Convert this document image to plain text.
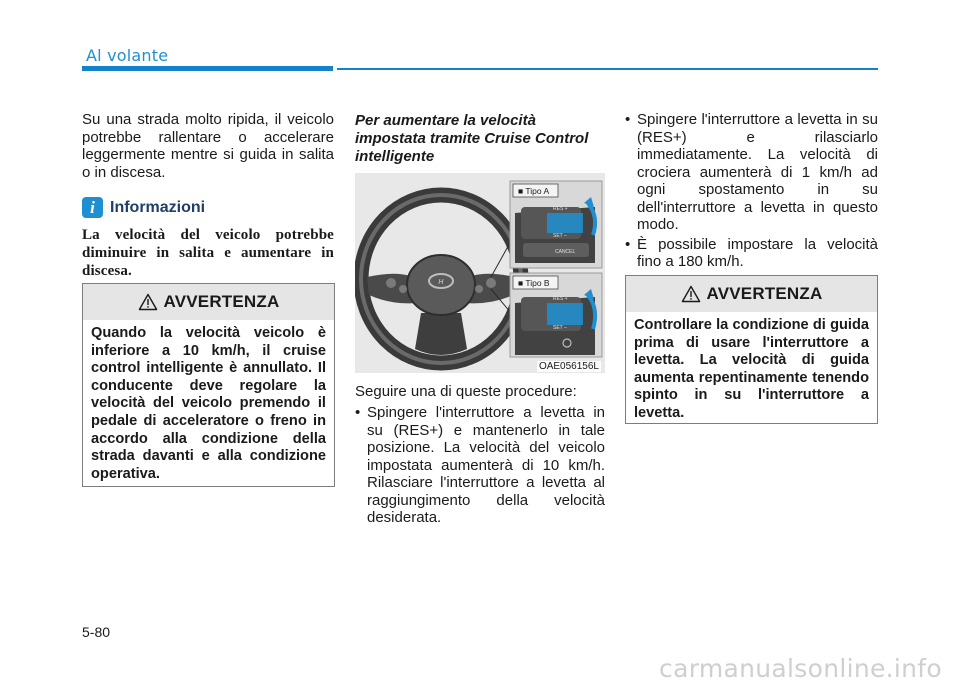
Al volante

Su una strada molto ripida, il veicolo potrebbe rallentare o accelerare leggermente mentre si guida in salita o in discesa.

i Informazioni

La velocità del veicolo potrebbe diminuire in salita e aumentare in discesa.

AVVERTENZA

Quando la velocità veicolo è inferiore a 10 km/h, il cruise control intelligente è annullato. Il conducente deve regolare la velocità del veicolo premendo il pedale di acceleratore o freno in accordo alla condizione della strada davanti e alla condizione operativa.

Per aumentare la velocità impostata tramite Cruise Control intelligente

H
■ Tipo A
■ Tipo B
RES +
SET –
CANCEL
RES +
SET –
OAE056156L

Seguire una di queste procedure:

• Spingere l'interruttore a levetta in su (RES+) e mantenerlo in tale posizione. La velocità del veicolo impostata aumenterà di 10 km/h. Rilasciare l'interruttore a levetta al raggiungimento della velocità desiderata.
• Spingere l'interruttore a levetta in su (RES+) e rilasciarlo immediatamente. La velocità di crociera aumenterà di 1 km/h ad ogni spostamento in su dell'interruttore a levetta in questo modo.
• È possibile impostare la velocità fino a 180 km/h.
AVVERTENZA

Controllare la condizione di guida prima di usare l'interruttore a levetta. La velocità di guida aumenta repentinamente tenendo spinto in su l'interruttore a levetta.

5-80
carmanualsonline.info
